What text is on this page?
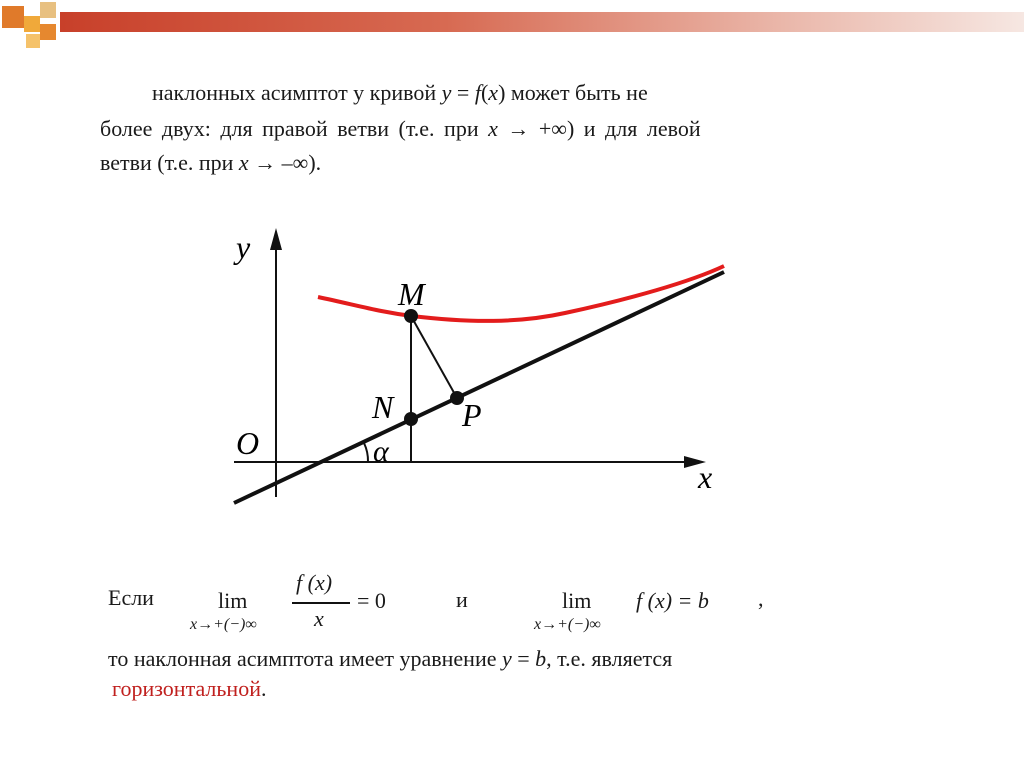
наклонных асимптот у кривой y = f(x) может быть не
более двух: для правой ветви (т.е. при x → +∞) и для левой
ветви (т.е. при x → –∞).
y
x
O
M
N P
α
Если	lim
x→+(−)∞
f (x)
x
= 0	и	lim
x→+(−)∞
f (x) = b ,
то наклонная асимптота имеет уравнение y = b, т.е. является
горизонтальной.
